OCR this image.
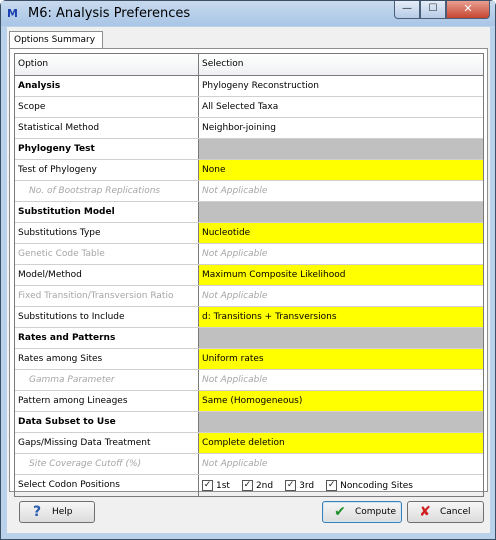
M M6: Analysis Preferences	—	☐	✕
Options Summary
Option	Selection
Analysis	Phylogeny Reconstruction
Scope	All Selected Taxa
Statistical Method	Neighbor-joining
Phylogeny Test
Test of Phylogeny	None
No. of Bootstrap Replications	Not Applicable
Substitution Model
Substitutions Type	Nucleotide
Genetic Code Table	Not Applicable
Model/Method	Maximum Composite Likelihood
Fixed Transition/Transversion Ratio	Not Applicable
Substitutions to Include	d: Transitions + Transversions
Rates and Patterns
Rates among Sites	Uniform rates
Gamma Parameter	Not Applicable
Pattern among Lineages	Same (Homogeneous)
Data Subset to Use
Gaps/Missing Data Treatment	Complete deletion
Site Coverage Cutoff (%)	Not Applicable
Select Codon Positions	✓ 1st ✓ 2nd ✓ 3rd ✓ Noncoding Sites
?	Help	✔	Compute ✘	Cancel
